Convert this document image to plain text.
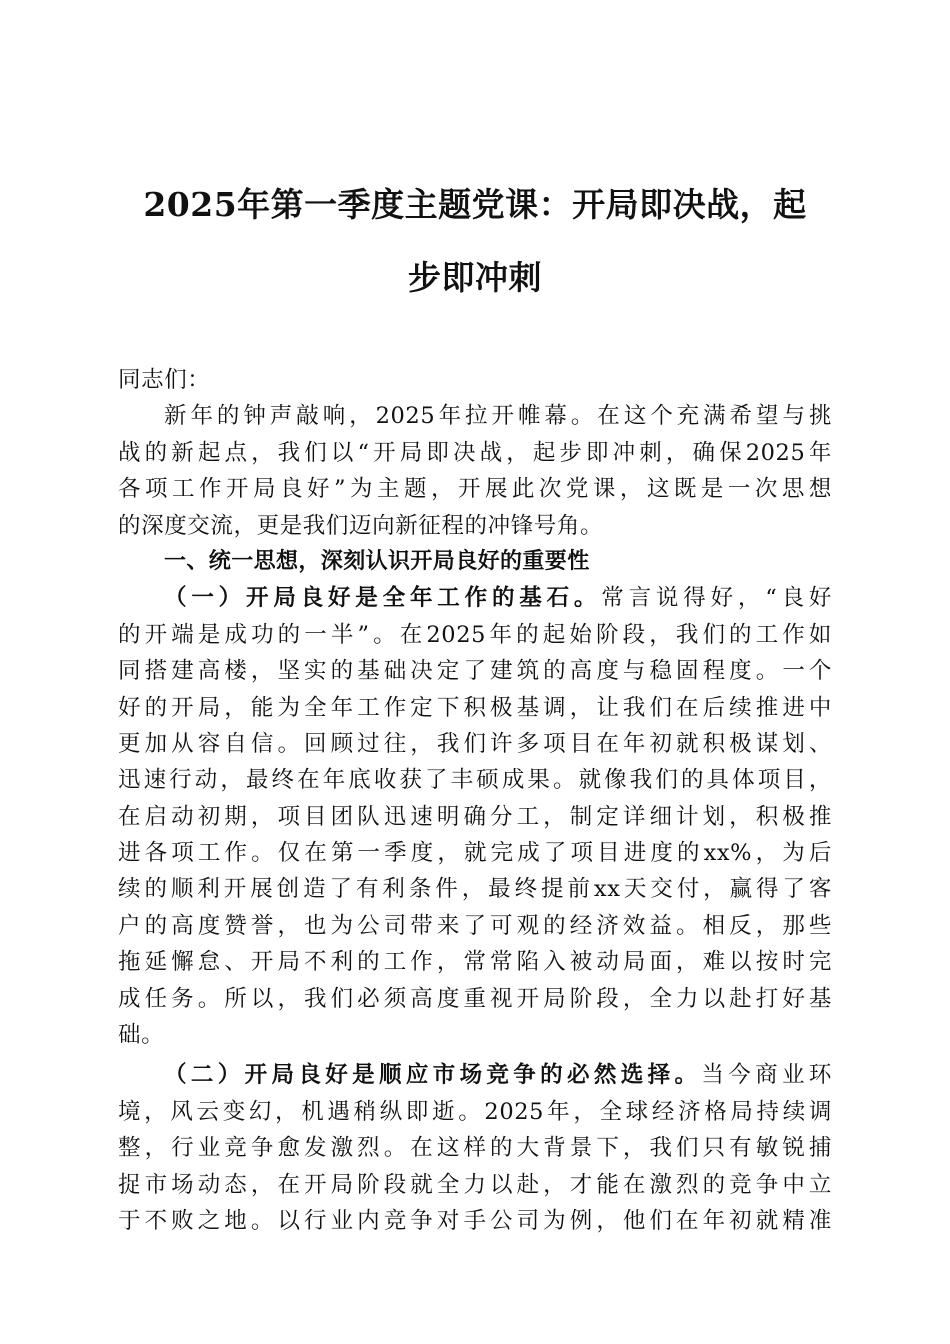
2025年第一季度主题党课：开局即决战，起
步即冲刺
同志们：
新年的钟声敲响，2025年拉开帷幕。在这个充满希望与挑
战的新起点，我们以“开局即决战，起步即冲刺，确保2025年
各项工作开局良好”为主题，开展此次党课，这既是一次思想
的深度交流，更是我们迈向新征程的冲锋号角。
一、统一思想，深刻认识开局良好的重要性
（一）开局良好是全年工作的基石。常言说得好，“良好
的开端是成功的一半”。在2025年的起始阶段，我们的工作如
同搭建高楼，坚实的基础决定了建筑的高度与稳固程度。一个
好的开局，能为全年工作定下积极基调，让我们在后续推进中
更加从容自信。回顾过往，我们许多项目在年初就积极谋划、
迅速行动，最终在年底收获了丰硕成果。就像我们的具体项目，
在启动初期，项目团队迅速明确分工，制定详细计划，积极推
进各项工作。仅在第一季度，就完成了项目进度的xx%，为后
续的顺利开展创造了有利条件，最终提前xx天交付，赢得了客
户的高度赞誉，也为公司带来了可观的经济效益。相反，那些
拖延懈怠、开局不利的工作，常常陷入被动局面，难以按时完
成任务。所以，我们必须高度重视开局阶段，全力以赴打好基
础。
（二）开局良好是顺应市场竞争的必然选择。当今商业环
境，风云变幻，机遇稍纵即逝。2025年，全球经济格局持续调
整，行业竞争愈发激烈。在这样的大背景下，我们只有敏锐捕
捉市场动态，在开局阶段就全力以赴，才能在激烈的竞争中立
于不败之地。以行业内竞争对手公司为例，他们在年初就精准
